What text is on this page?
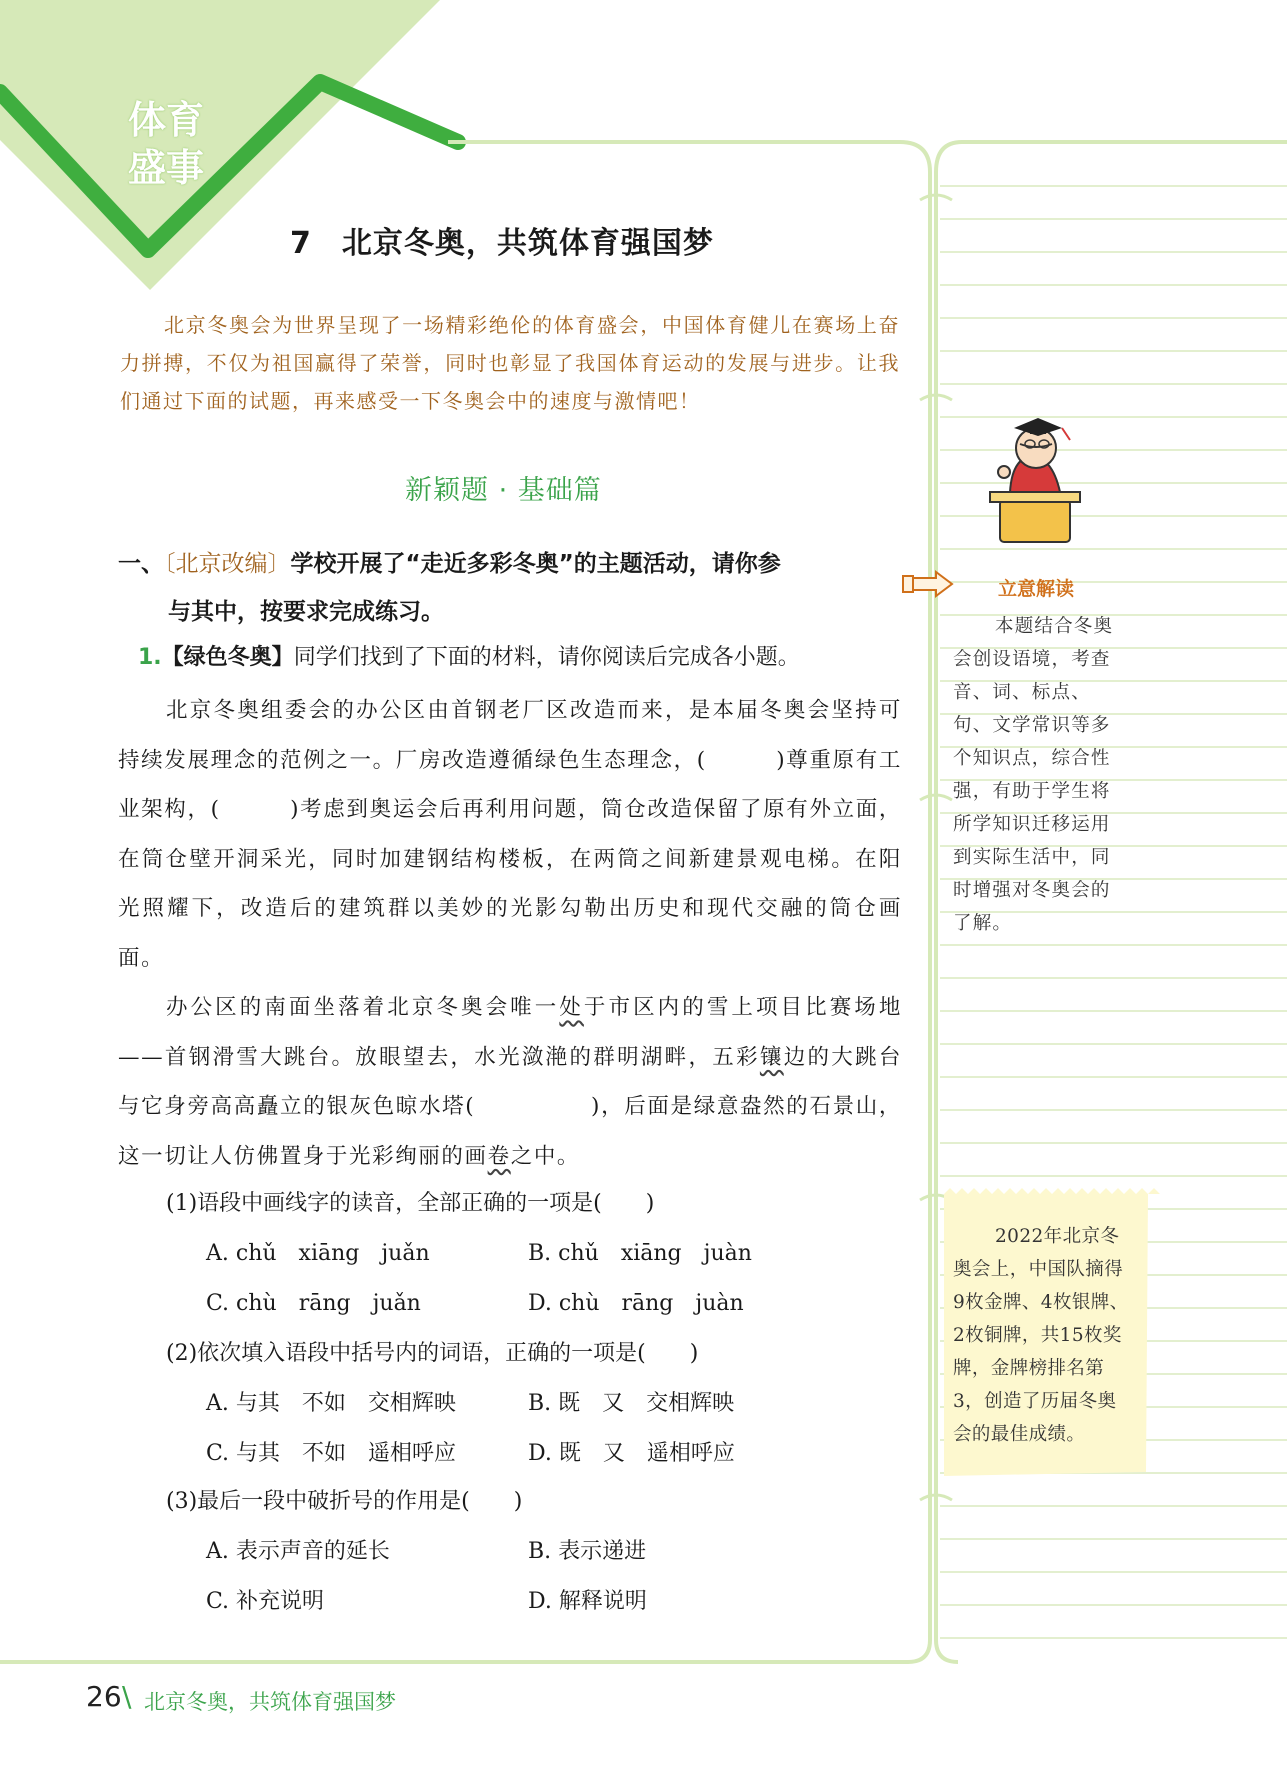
体育
盛事
7 北京冬奥，共筑体育强国梦
北京冬奥会为世界呈现了一场精彩绝伦的体育盛会，中国体育健儿在赛场上奋力拼搏，不仅为祖国赢得了荣誉，同时也彰显了我国体育运动的发展与进步。让我们通过下面的试题，再来感受一下冬奥会中的速度与激情吧！
新颖题 · 基础篇
一、〔北京改编〕学校开展了“走近多彩冬奥”的主题活动，请你参
与其中，按要求完成练习。
1.【绿色冬奥】同学们找到了下面的材料，请你阅读后完成各小题。

北京冬奥组委会的办公区由首钢老厂区改造而来，是本届冬奥会坚持可持续发展理念的范例之一。厂房改造遵循绿色生态理念，(　　　)尊重原有工业架构，(　　　)考虑到奥运会后再利用问题，筒仓改造保留了原有外立面，在筒仓壁开洞采光，同时加建钢结构楼板，在两筒之间新建景观电梯。在阳光照耀下，改造后的建筑群以美妙的光影勾勒出历史和现代交融的筒仓画面。

办公区的南面坐落着北京冬奥会唯一处于市区内的雪上项目比赛场地——首钢滑雪大跳台。放眼望去，水光潋滟的群明湖畔，五彩镶边的大跳台与它身旁高高矗立的银灰色晾水塔(　　　　　)，后面是绿意盎然的石景山，这一切让人仿佛置身于光彩绚丽的画卷之中。

(1)语段中画线字的读音，全部正确的一项是(　　)
A. chǔ　xiāng　juǎn	B. chǔ　xiāng　juàn
C. chù　rāng　juǎn	D. chù　rāng　juàn
(2)依次填入语段中括号内的词语，正确的一项是(　　)
A. 与其　不如　交相辉映	B. 既　又　交相辉映
C. 与其　不如　遥相呼应	D. 既　又　遥相呼应
(3)最后一段中破折号的作用是(　　)
A. 表示声音的延长	B. 表示递进
C. 补充说明	D. 解释说明
立意解读
本题结合冬奥会创设语境，考查音、词、标点、句、文学常识等多个知识点，综合性强，有助于学生将所学知识迁移运用到实际生活中，同时增强对冬奥会的了解。
2022年北京冬奥会上，中国队摘得9枚金牌、4枚银牌、2枚铜牌，共15枚奖牌，金牌榜排名第3，创造了历届冬奥会的最佳成绩。
26 \ 北京冬奥，共筑体育强国梦
